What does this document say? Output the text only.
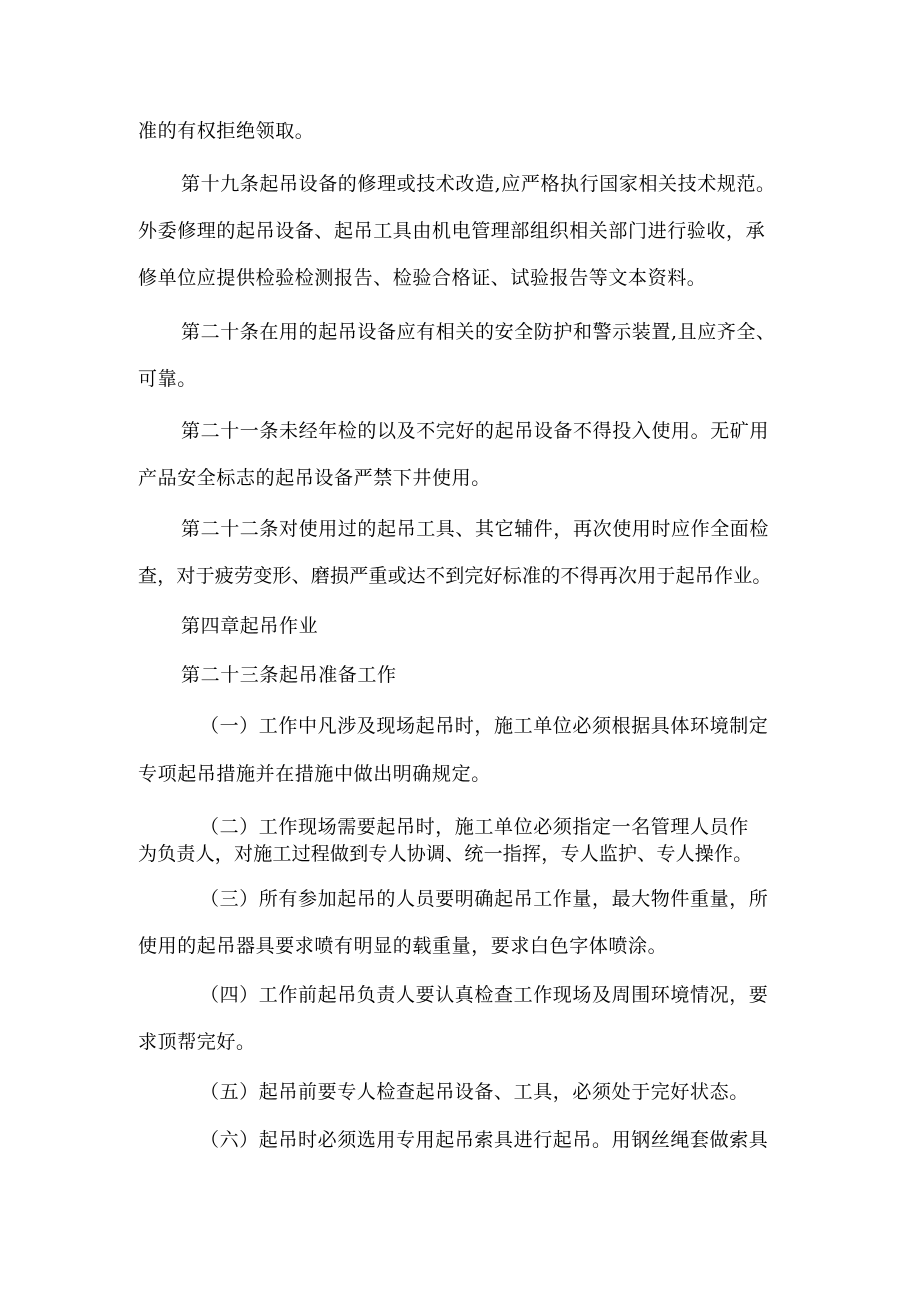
准的有权拒绝领取。
第十九条起吊设备的修理或技术改造,应严格执行国家相关技术规范。
外委修理的起吊设备、起吊工具由机电管理部组织相关部门进行验收，承
修单位应提供检验检测报告、检验合格证、试验报告等文本资料。
第二十条在用的起吊设备应有相关的安全防护和警示装置,且应齐全、
可靠。
第二十一条未经年检的以及不完好的起吊设备不得投入使用。无矿用
产品安全标志的起吊设备严禁下井使用。
第二十二条对使用过的起吊工具、其它辅件，再次使用时应作全面检
查，对于疲劳变形、磨损严重或达不到完好标准的不得再次用于起吊作业。
第四章起吊作业
第二十三条起吊准备工作
（一）工作中凡涉及现场起吊时，施工单位必须根据具体环境制定
专项起吊措施并在措施中做出明确规定。
（二）工作现场需要起吊时，施工单位必须指定一名管理人员作
为负责人，对施工过程做到专人协调、统一指挥，专人监护、专人操作。
（三）所有参加起吊的人员要明确起吊工作量，最大物件重量，所
使用的起吊器具要求喷有明显的载重量，要求白色字体喷涂。
（四）工作前起吊负责人要认真检查工作现场及周围环境情况，要
求顶帮完好。
（五）起吊前要专人检查起吊设备、工具，必须处于完好状态。
（六）起吊时必须选用专用起吊索具进行起吊。用钢丝绳套做索具
